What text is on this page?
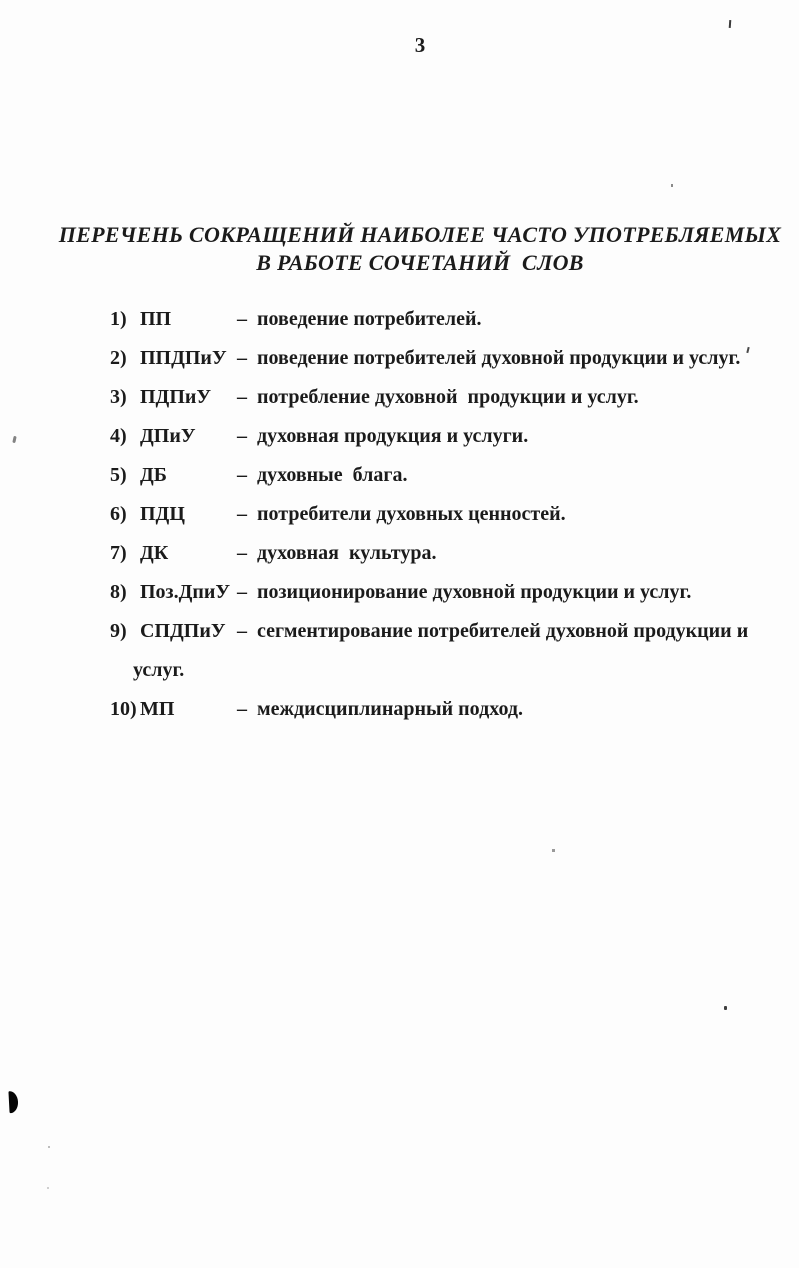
3
ПЕРЕЧЕНЬ СОКРАЩЕНИЙ НАИБОЛЕЕ ЧАСТО УПОТРЕБЛЯЕМЫХ
В РАБОТЕ СОЧЕТАНИЙ  СЛОВ
1) ПП	– поведение потребителей.
2) ППДПиУ – поведение потребителей духовной продукции и услуг.
3) ПДПиУ	– потребление духовной  продукции и услуг.
4) ДПиУ	– духовная продукция и услуги.
5) ДБ	– духовные  блага.
6) ПДЦ	– потребители духовных ценностей.
7) ДК	– духовная  культура.
8) Поз.ДпиУ – позиционирование духовной продукции и услуг.
9) СПДПиУ – сегментирование потребителей духовной продукции и услуг.
10) МП	– междисциплинарный подход.
